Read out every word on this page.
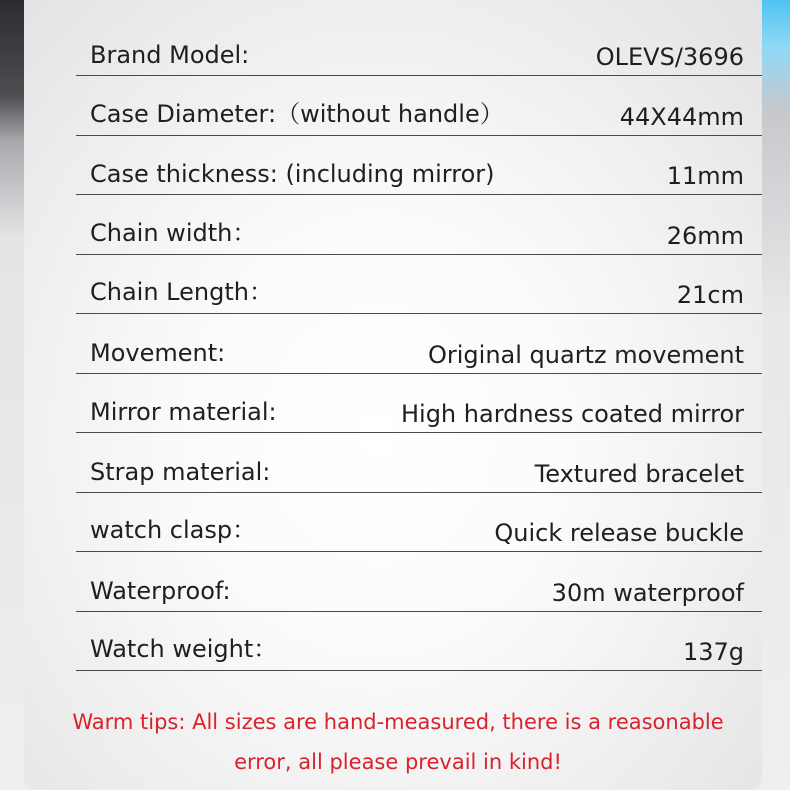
Brand Model:	OLEVS/3696
Case Diameter:（without handle）	44X44mm
Case thickness: (including mirror)	11mm
Chain width：	26mm
Chain Length：	21cm
Movement:	Original quartz movement
Mirror material:	High hardness coated mirror
Strap material:	Textured bracelet
watch clasp：	Quick release buckle
Waterproof:	30m waterproof
Watch weight：	137g
Warm tips: All sizes are hand-measured, there is a reasonable
error, all please prevail in kind!
